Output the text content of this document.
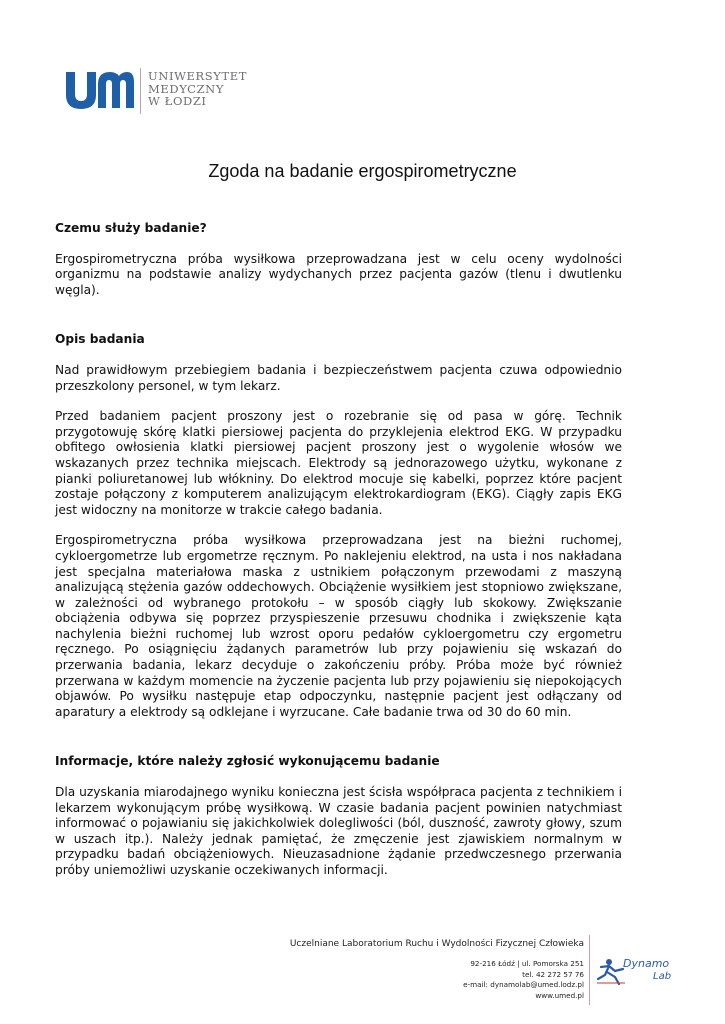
UNIWERSYTET
MEDYCZNY
W ŁODZI
Zgoda na badanie ergospirometryczne
Czemu służy badanie?

Ergospirometryczna próba wysiłkowa przeprowadzana jest w celu oceny wydolności organizmu na podstawie analizy wydychanych przez pacjenta gazów (tlenu i dwutlenku węgla).

Opis badania

Nad prawidłowym przebiegiem badania i bezpieczeństwem pacjenta czuwa odpowiednio przeszkolony personel, w tym lekarz.

Przed badaniem pacjent proszony jest o rozebranie się od pasa w górę. Technik przygotowuję skórę klatki piersiowej pacjenta do przyklejenia elektrod EKG. W przypadku obfitego owłosienia klatki piersiowej pacjent proszony jest o wygolenie włosów we wskazanych przez technika miejscach. Elektrody są jednorazowego użytku, wykonane z pianki poliuretanowej lub włókniny. Do elektrod mocuje się kabelki, poprzez które pacjent zostaje połączony z komputerem analizującym elektrokardiogram (EKG). Ciągły zapis EKG jest widoczny na monitorze w trakcie całego badania.

Ergospirometryczna próba wysiłkowa przeprowadzana jest na bieżni ruchomej, cykloergometrze lub ergometrze ręcznym. Po naklejeniu elektrod, na usta i nos nakładana jest specjalna materiałowa maska z ustnikiem połączonym przewodami z maszyną analizującą stężenia gazów oddechowych. Obciążenie wysiłkiem jest stopniowo zwiększane, w zależności od wybranego protokołu – w sposób ciągły lub skokowy. Zwiększanie obciążenia odbywa się poprzez przyspieszenie przesuwu chodnika i zwiększenie kąta nachylenia bieżni ruchomej lub wzrost oporu pedałów cykloergometru czy ergometru ręcznego. Po osiągnięciu żądanych parametrów lub przy pojawieniu się wskazań do przerwania badania, lekarz decyduje o zakończeniu próby. Próba może być również przerwana w każdym momencie na życzenie pacjenta lub przy pojawieniu się niepokojących objawów. Po wysiłku następuje etap odpoczynku, następnie pacjent jest odłączany od aparatury a elektrody są odklejane i wyrzucane. Całe badanie trwa od 30 do 60 min.

Informacje, które należy zgłosić wykonującemu badanie

Dla uzyskania miarodajnego wyniku konieczna jest ścisła współpraca pacjenta z technikiem i lekarzem wykonującym próbę wysiłkową. W czasie badania pacjent powinien natychmiast informować o pojawianiu się jakichkolwiek dolegliwości (ból, duszność, zawroty głowy, szum w uszach itp.). Należy jednak pamiętać, że zmęczenie jest zjawiskiem normalnym w przypadku badań obciążeniowych. Nieuzasadnione żądanie przedwczesnego przerwania próby uniemożliwi uzyskanie oczekiwanych informacji.

Uczelniane Laboratorium Ruchu i Wydolności Fizycznej Człowieka
92-216 Łódź | ul. Pomorska 251
tel. 42 272 57 76
e-mail: dynamolab@umed.lodz.pl
www.umed.pl
Dynamo
Lab
